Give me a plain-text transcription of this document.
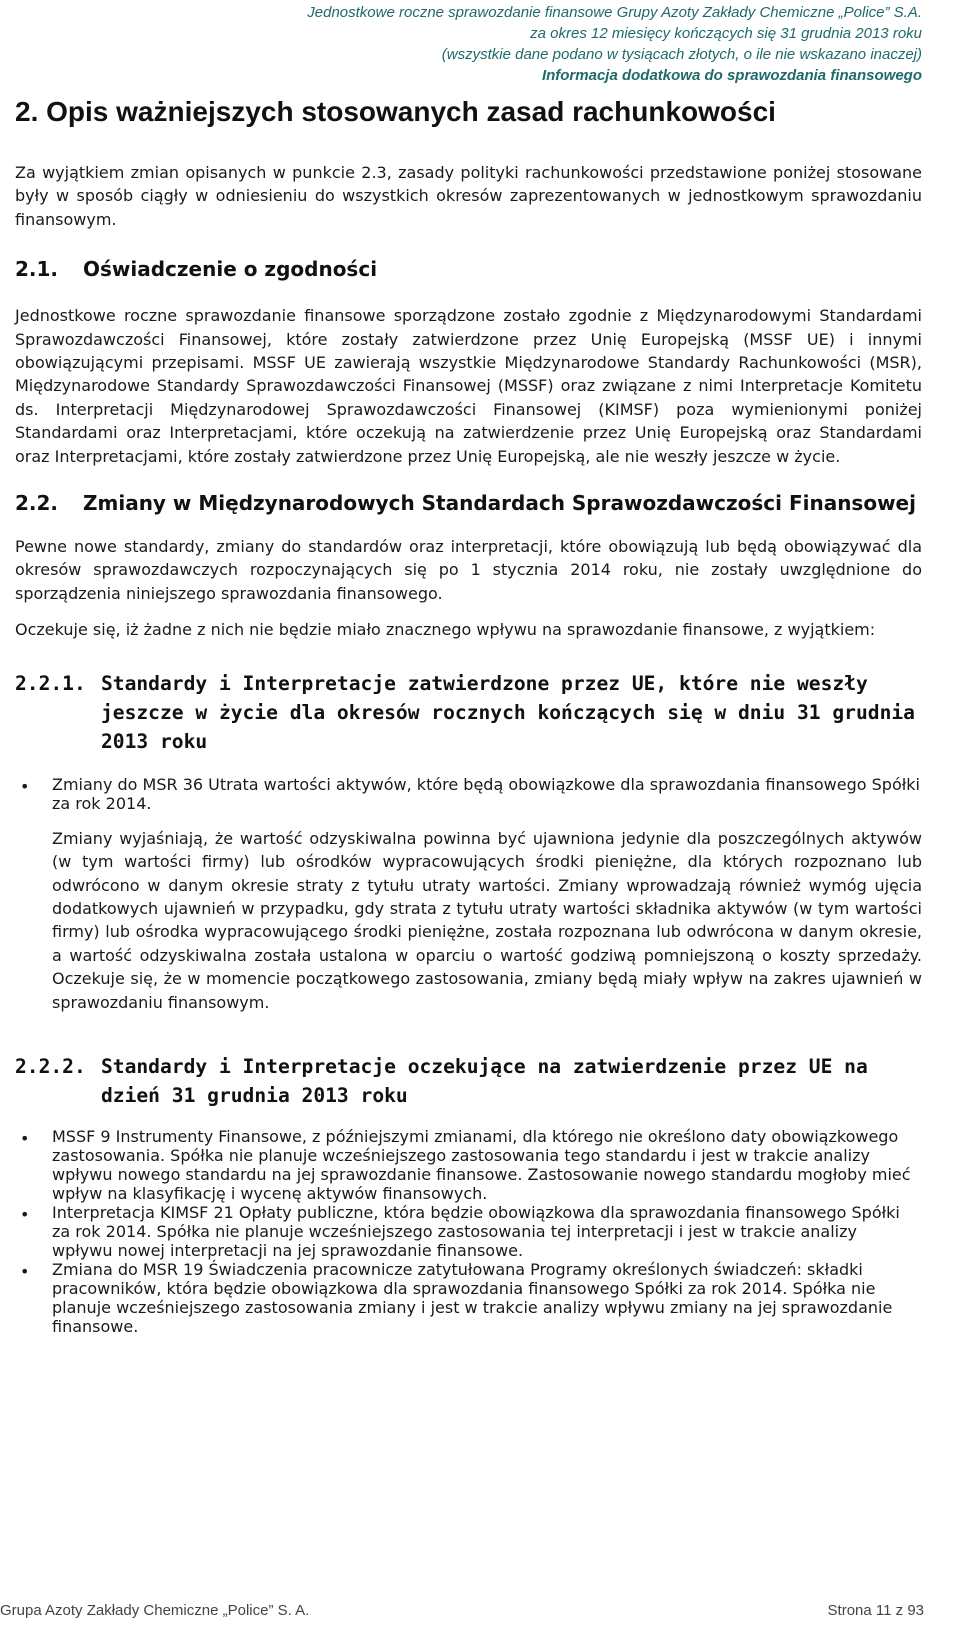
Jednostkowe roczne sprawozdanie finansowe Grupy Azoty Zakłady Chemiczne „Police” S.A.
za okres 12 miesięcy kończących się 31 grudnia 2013 roku
(wszystkie dane podano w tysiącach złotych, o ile nie wskazano inaczej)
Informacja dodatkowa do sprawozdania finansowego
2. Opis ważniejszych stosowanych zasad rachunkowości

Za wyjątkiem zmian opisanych w punkcie 2.3, zasady polityki rachunkowości przedstawione poniżej stosowane były w sposób ciągły w odniesieniu do wszystkich okresów zaprezentowanych w jednostkowym sprawozdaniu finansowym.

2.1.	Oświadczenie o zgodności

Jednostkowe roczne sprawozdanie finansowe sporządzone zostało zgodnie z Międzynarodowymi Standardami Sprawozdawczości Finansowej, które zostały zatwierdzone przez Unię Europejską (MSSF UE) i innymi obowiązującymi przepisami. MSSF UE zawierają wszystkie Międzynarodowe Standardy Rachunkowości (MSR), Międzynarodowe Standardy Sprawozdawczości Finansowej (MSSF) oraz związane z nimi Interpretacje Komitetu ds. Interpretacji Międzynarodowej Sprawozdawczości Finansowej (KIMSF) poza wymienionymi poniżej Standardami oraz Interpretacjami, które oczekują na zatwierdzenie przez Unię Europejską oraz Standardami oraz Interpretacjami, które zostały zatwierdzone przez Unię Europejską, ale nie weszły jeszcze w życie.

2.2.	Zmiany w Międzynarodowych Standardach Sprawozdawczości Finansowej

Pewne nowe standardy, zmiany do standardów oraz interpretacji, które obowiązują lub będą obowiązywać dla okresów sprawozdawczych rozpoczynających się po 1 stycznia 2014 roku, nie zostały uwzględnione do sporządzenia niniejszego sprawozdania finansowego.

Oczekuje się, iż żadne z nich nie będzie miało znacznego wpływu na sprawozdanie finansowe, z wyjątkiem:

2.2.1. Standardy i Interpretacje zatwierdzone przez UE, które nie weszły jeszcze w życie dla okresów rocznych kończących się w dniu 31 grudnia 2013 roku
• Zmiany do MSR 36 Utrata wartości aktywów, które będą obowiązkowe dla sprawozdania finansowego Spółki za rok 2014.

Zmiany wyjaśniają, że wartość odzyskiwalna powinna być ujawniona jedynie dla poszczególnych aktywów (w tym wartości firmy) lub ośrodków wypracowujących środki pieniężne, dla których rozpoznano lub odwrócono w danym okresie straty z tytułu utraty wartości. Zmiany wprowadzają również wymóg ujęcia dodatkowych ujawnień w przypadku, gdy strata z tytułu utraty wartości składnika aktywów (w tym wartości firmy) lub ośrodka wypracowującego środki pieniężne, została rozpoznana lub odwrócona w danym okresie, a wartość odzyskiwalna została ustalona w oparciu o wartość godziwą pomniejszoną o koszty sprzedaży. Oczekuje się, że w momencie początkowego zastosowania, zmiany będą miały wpływ na zakres ujawnień w sprawozdaniu finansowym.

2.2.2. Standardy i Interpretacje oczekujące na zatwierdzenie przez UE na dzień 31 grudnia 2013 roku
• MSSF 9 Instrumenty Finansowe, z późniejszymi zmianami, dla którego nie określono daty obowiązkowego zastosowania. Spółka nie planuje wcześniejszego zastosowania tego standardu i jest w trakcie analizy wpływu nowego standardu na jej sprawozdanie finansowe. Zastosowanie nowego standardu mogłoby mieć wpływ na klasyfikację i wycenę aktywów finansowych.
• Interpretacja KIMSF 21 Opłaty publiczne, która będzie obowiązkowa dla sprawozdania finansowego Spółki za rok 2014. Spółka nie planuje wcześniejszego zastosowania tej interpretacji i jest w trakcie analizy wpływu nowej interpretacji na jej sprawozdanie finansowe.
• Zmiana do MSR 19 Świadczenia pracownicze zatytułowana Programy określonych świadczeń: składki pracowników, która będzie obowiązkowa dla sprawozdania finansowego Spółki za rok 2014. Spółka nie planuje wcześniejszego zastosowania zmiany i jest w trakcie analizy wpływu zmiany na jej sprawozdanie finansowe.
Grupa Azoty Zakłady Chemiczne „Police” S. A.	Strona 11 z 93
